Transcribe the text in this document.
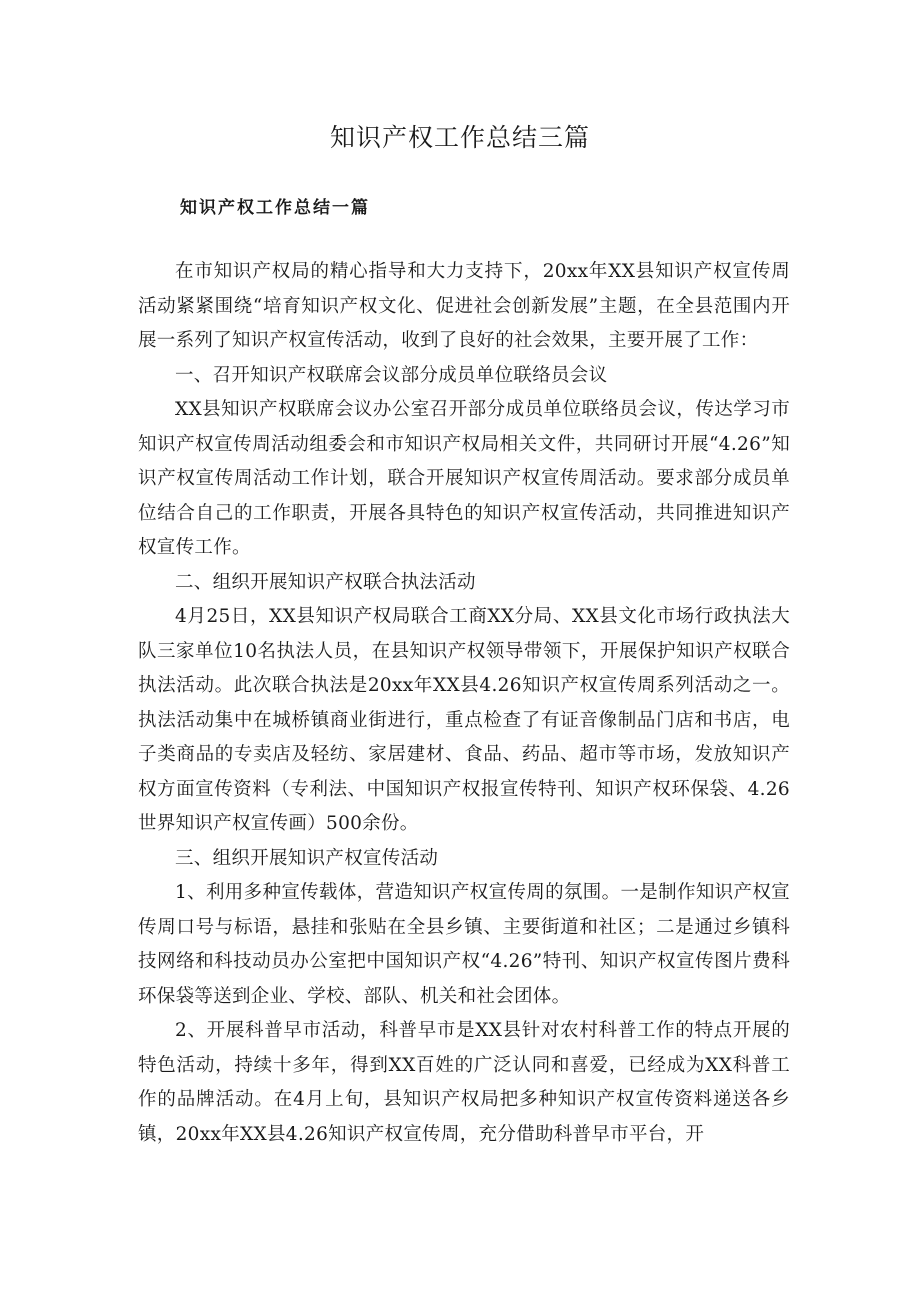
知识产权工作总结三篇
知识产权工作总结一篇

在市知识产权局的精心指导和大力支持下，20xx年XX县知识产权宣传周活动紧紧围绕“培育知识产权文化、促进社会创新发展”主题，在全县范围内开展一系列了知识产权宣传活动，收到了良好的社会效果，主要开展了工作：

一、召开知识产权联席会议部分成员单位联络员会议

XX县知识产权联席会议办公室召开部分成员单位联络员会议，传达学习市知识产权宣传周活动组委会和市知识产权局相关文件，共同研讨开展“4.26”知识产权宣传周活动工作计划，联合开展知识产权宣传周活动。要求部分成员单位结合自己的工作职责，开展各具特色的知识产权宣传活动，共同推进知识产权宣传工作。

二、组织开展知识产权联合执法活动

4月25日，XX县知识产权局联合工商XX分局、XX县文化市场行政执法大队三家单位10名执法人员，在县知识产权领导带领下，开展保护知识产权联合执法活动。此次联合执法是20xx年XX县4.26知识产权宣传周系列活动之一。执法活动集中在城桥镇商业街进行，重点检查了有证音像制品门店和书店，电子类商品的专卖店及轻纺、家居建材、食品、药品、超市等市场，发放知识产权方面宣传资料（专利法、中国知识产权报宣传特刊、知识产权环保袋、4.26世界知识产权宣传画）500余份。

三、组织开展知识产权宣传活动

1、利用多种宣传载体，营造知识产权宣传周的氛围。一是制作知识产权宣传周口号与标语，悬挂和张贴在全县乡镇、主要街道和社区；二是通过乡镇科技网络和科技动员办公室把中国知识产权“4.26”特刊、知识产权宣传图片费科环保袋等送到企业、学校、部队、机关和社会团体。

2、开展科普早市活动，科普早市是XX县针对农村科普工作的特点开展的特色活动，持续十多年，得到XX百姓的广泛认同和喜爱，已经成为XX科普工作的品牌活动。在4月上旬，县知识产权局把多种知识产权宣传资料递送各乡镇，20xx年XX县4.26知识产权宣传周，充分借助科普早市平台，开
